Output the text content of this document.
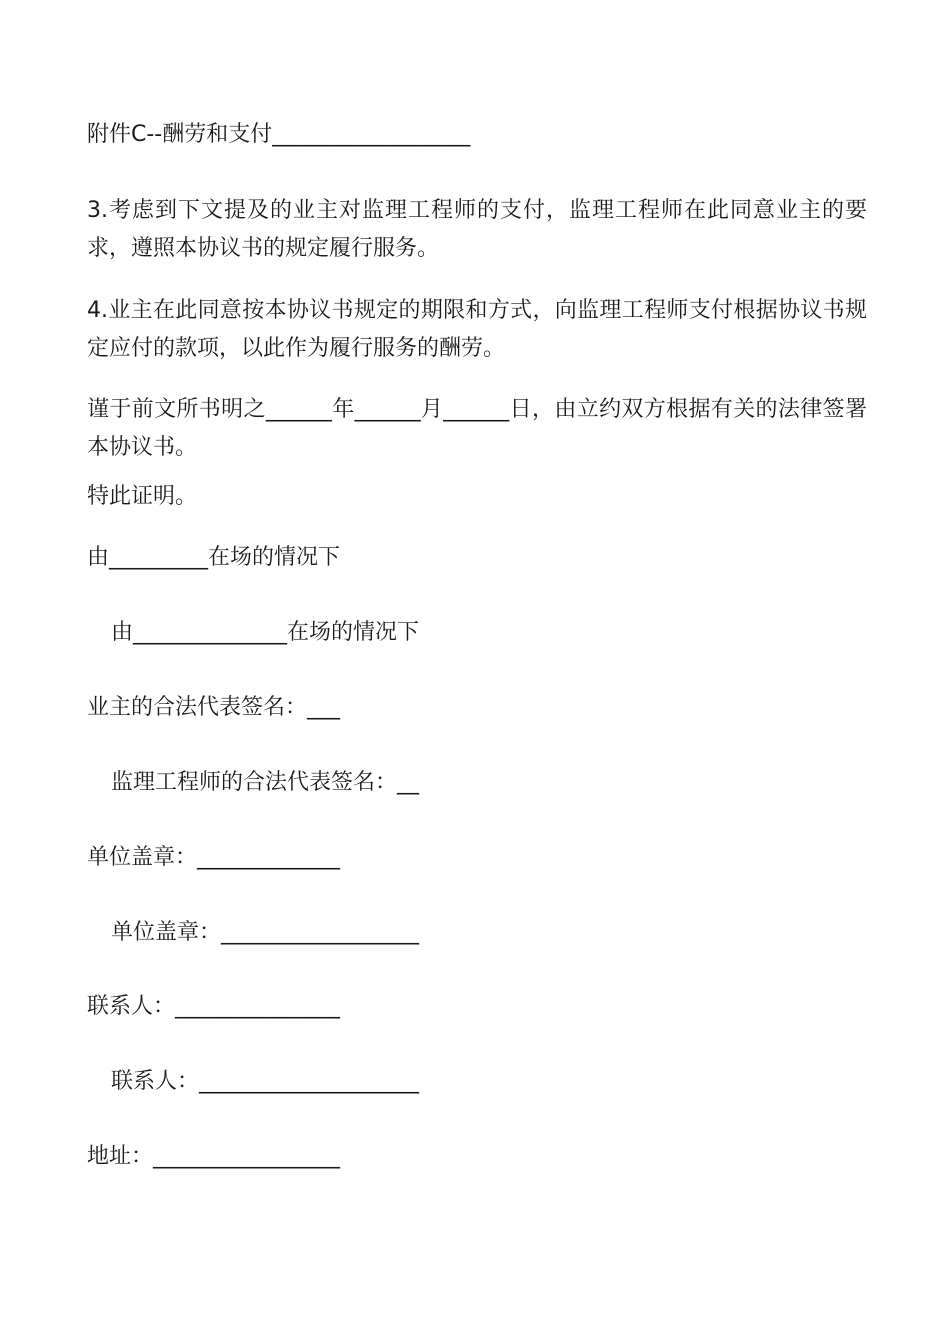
附件C--酬劳和支付__________________

3.考虑到下文提及的业主对监理工程师的支付，监理工程师在此同意业主的要求，遵照本协议书的规定履行服务。

4.业主在此同意按本协议书规定的期限和方式，向监理工程师支付根据协议书规定应付的款项，以此作为履行服务的酬劳。

谨于前文所书明之______年______月______日，由立约双方根据有关的法律签署本协议书。

特此证明。

由_________在场的情况下

由______________在场的情况下

业主的合法代表签名：___

监理工程师的合法代表签名：__

单位盖章：_____________

单位盖章：__________________

联系人：_______________

联系人：____________________

地址：_________________
